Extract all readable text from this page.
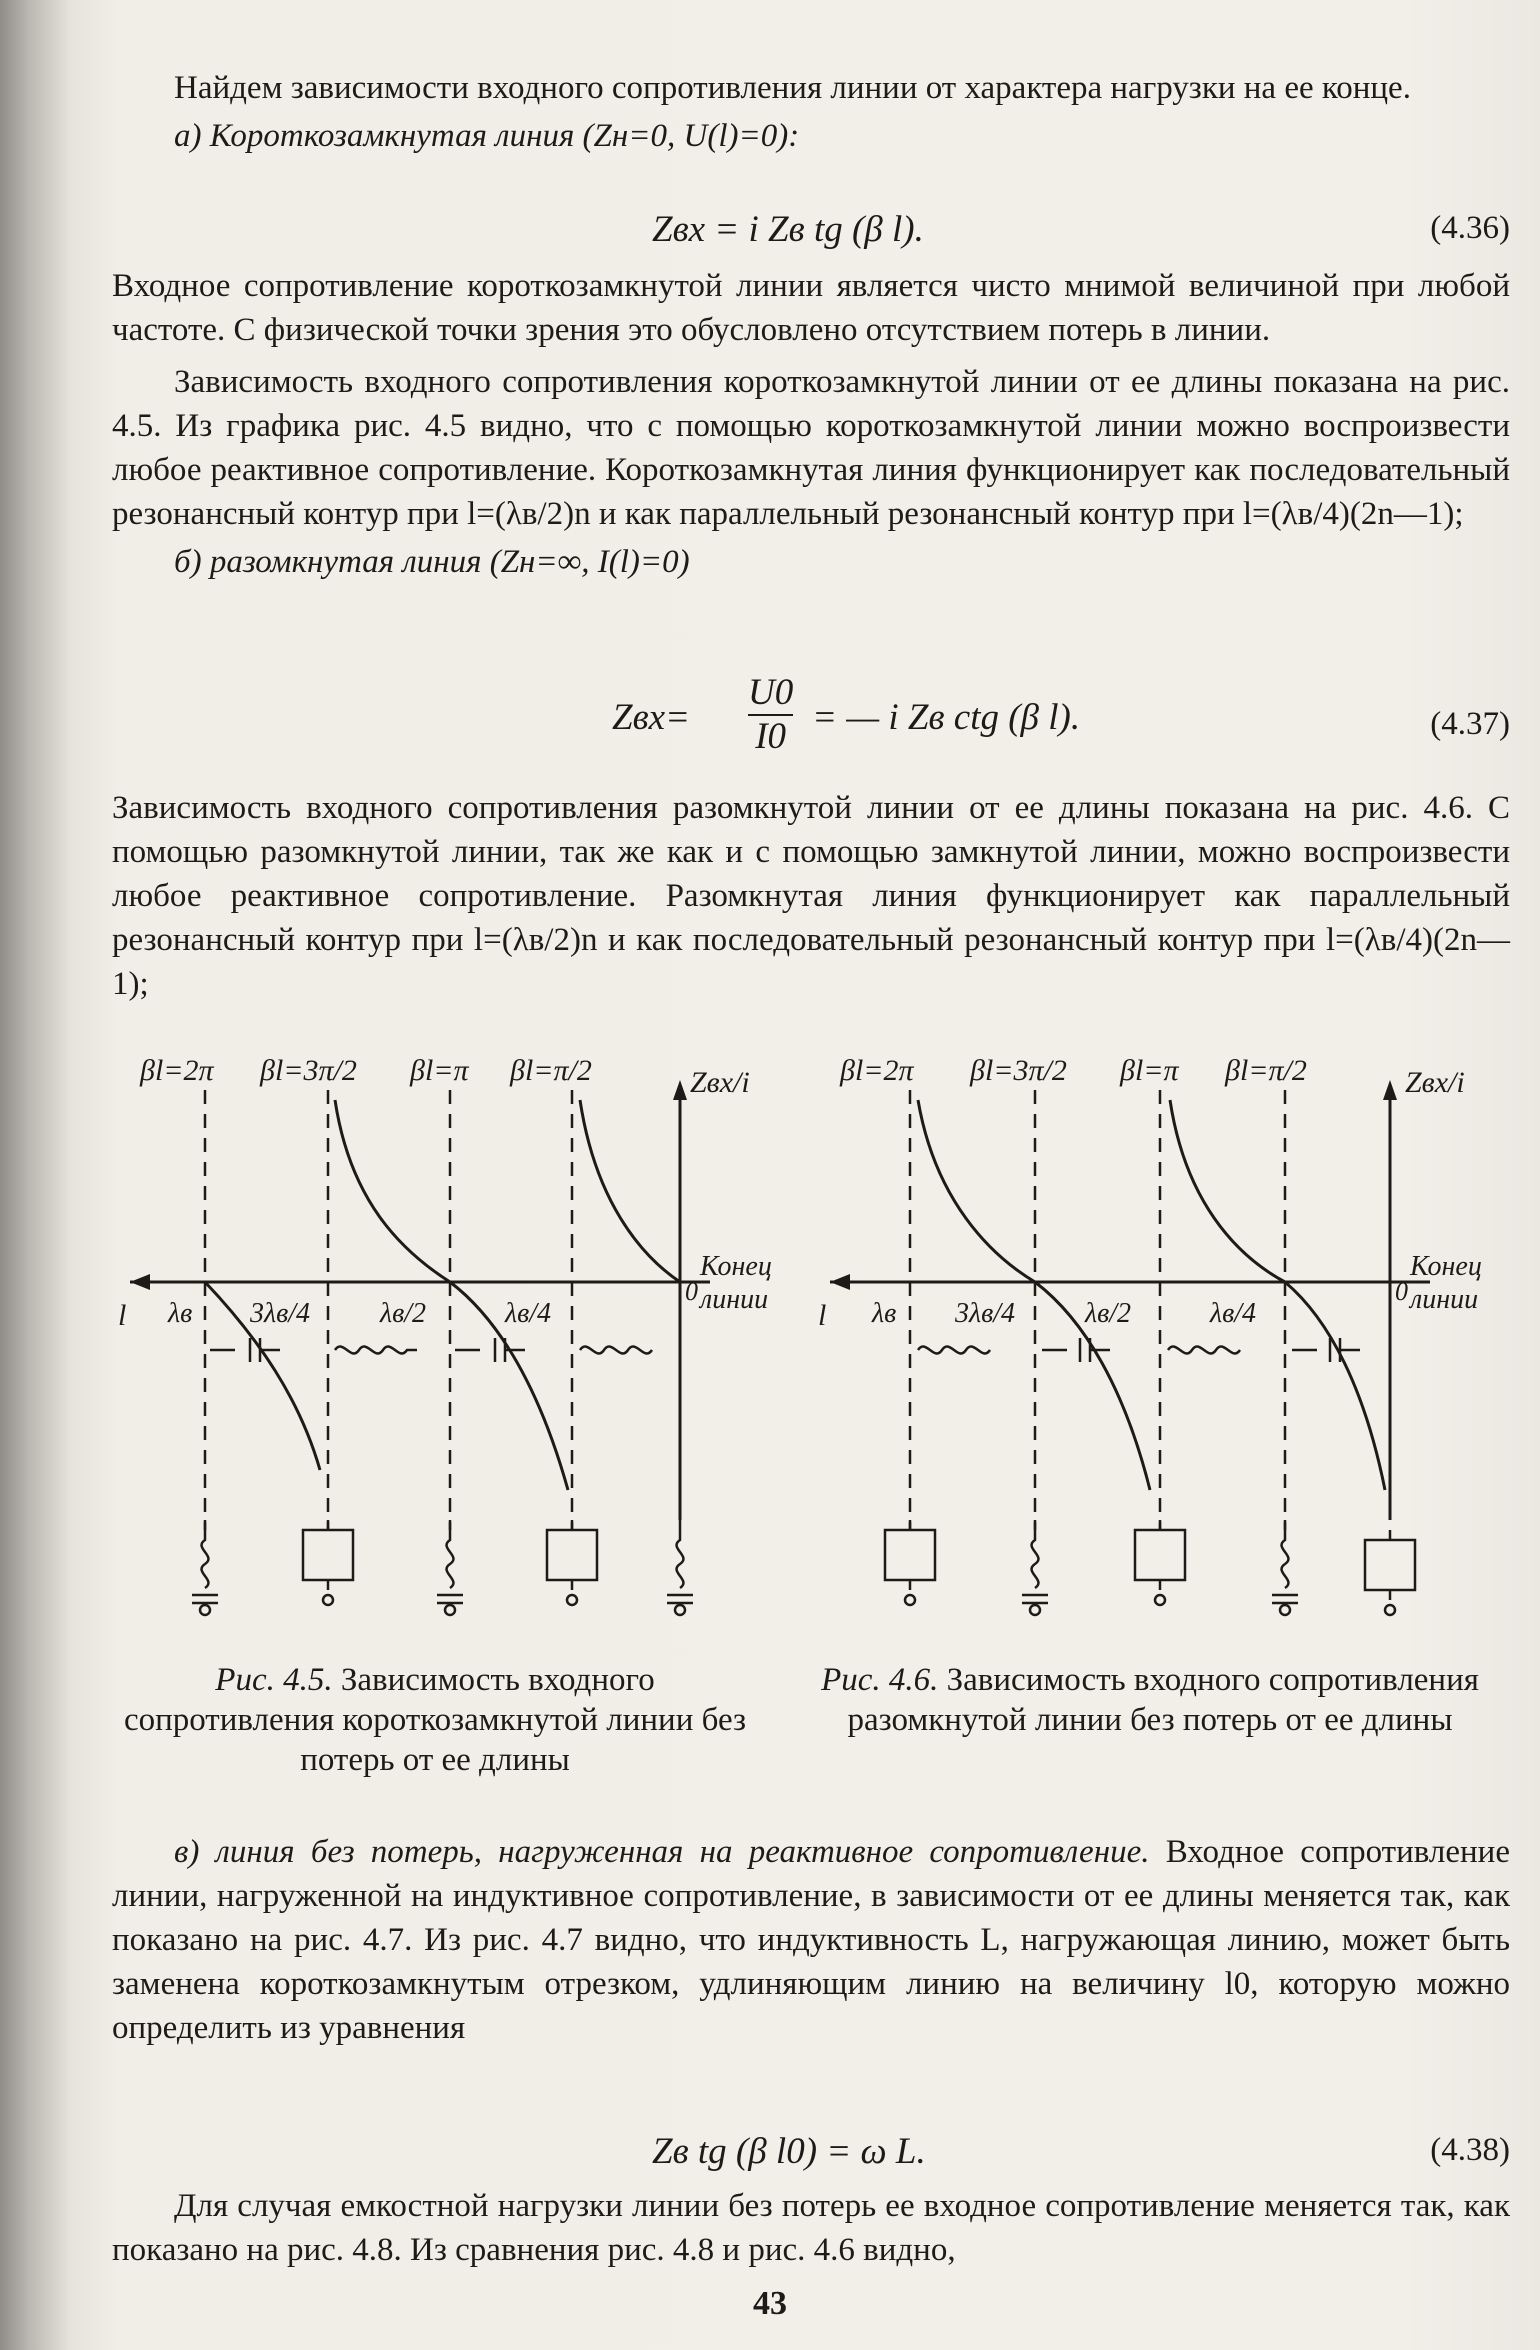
Найдем зависимости входного сопротивления линии от характера нагрузки на ее конце.

а) Короткозамкнутая линия (Zн=0, U(l)=0):

Zвх = i Zв tg (β l).	(4.36)

Входное сопротивление короткозамкнутой линии является чисто мнимой величиной при любой частоте. С физической точки зрения это обусловлено отсутствием потерь в линии.

Зависимость входного сопротивления короткозамкнутой линии от ее длины показана на рис. 4.5. Из графика рис. 4.5 видно, что с помощью короткозамкнутой линии можно воспроизвести любое реактивное сопротивление. Короткозамкнутая линия функционирует как последовательный резонансный контур при l=(λв/2)n и как параллельный резонансный контур при l=(λв/4)(2n—1);

б) разомкнутая линия (Zн=∞, I(l)=0)

$Zвх= \frac{U0}{I0}$ = — i Zв ctg (β l).	(4.37)

Зависимость входного сопротивления разомкнутой линии от ее длины показана на рис. 4.6. С помощью разомкнутой линии, так же как и с помощью замкнутой линии, можно воспроизвести любое реактивное сопротивление. Разомкнутая линия функционирует как параллельный резонансный контур при l=(λв/2)n и как последовательный резонансный контур при l=(λв/4)(2n—1);

βl=2π βl=3π/2 βl=π βl=π/2	Zвх/i
Конец
линии
l
0
λв 3λв/4 λв/2	λв/4
βl=2π βl=3π/2 βl=π βl=π/2	Zвх/i
Конец
линии
l
0
λв 3λв/4 λв/2	λв/4
Рис. 4.5. Зависимость входного сопротивления короткозамкнутой линии без потерь от ее длины
Рис. 4.6. Зависимость входного сопротивления разомкнутой линии без потерь от ее длины

в) линия без потерь, нагруженная на реактивное сопротивление. Входное сопротивление линии, нагруженной на индуктивное сопротивление, в зависимости от ее длины меняется так, как показано на рис. 4.7. Из рис. 4.7 видно, что индуктивность L, нагружающая линию, может быть заменена короткозамкнутым отрезком, удлиняющим линию на величину l0, которую можно определить из уравнения

Zв tg (β l0) = ω L.	(4.38)

Для случая емкостной нагрузки линии без потерь ее входное сопротивление меняется так, как показано на рис. 4.8. Из сравнения рис. 4.8 и рис. 4.6 видно,

43
